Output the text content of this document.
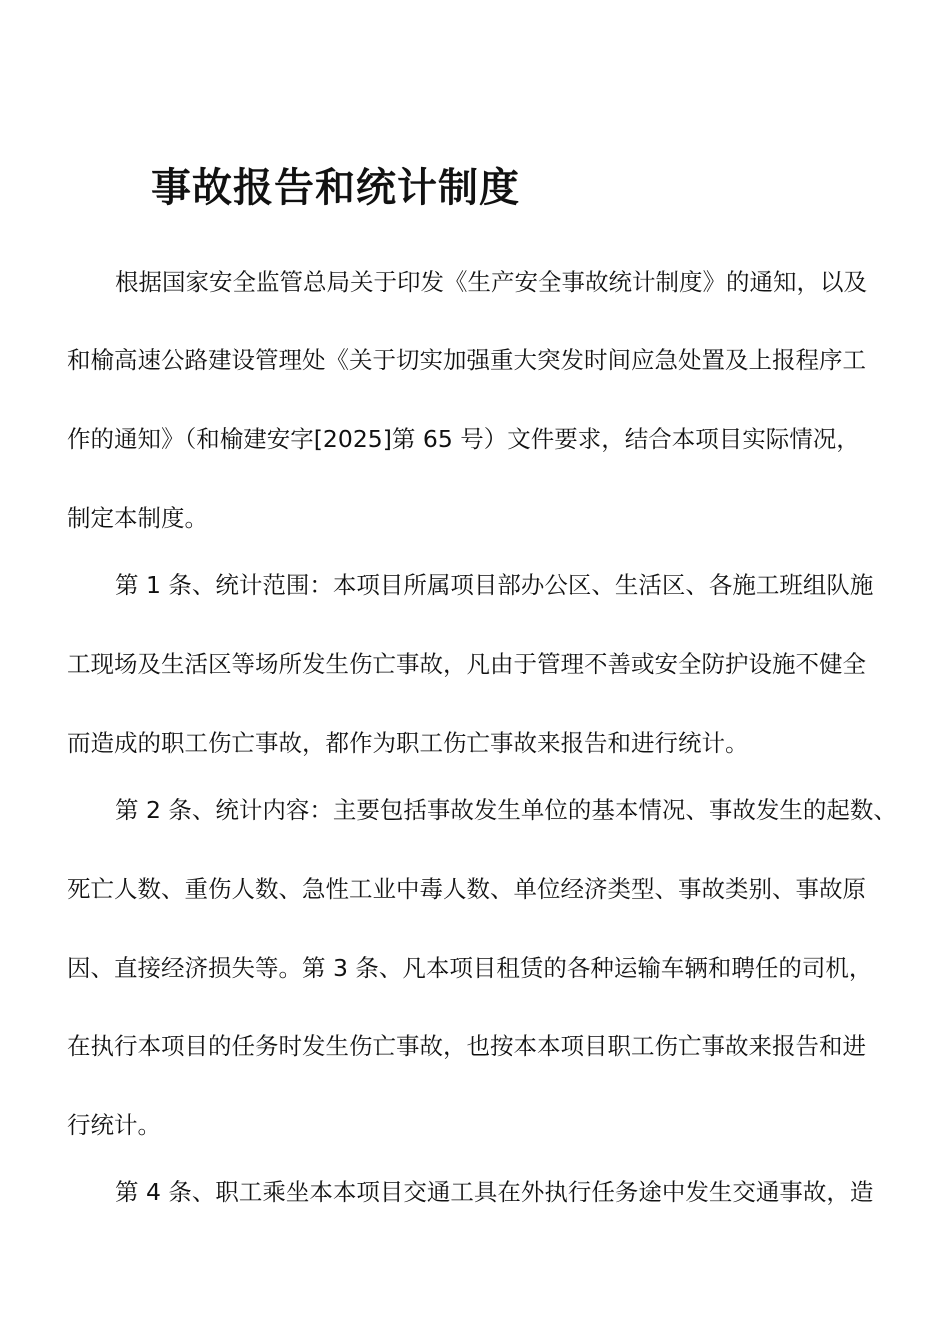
事故报告和统计制度

根据国家安全监管总局关于印发《生产安全事故统计制度》的通知，以及

和榆高速公路建设管理处《关于切实加强重大突发时间应急处置及上报程序工

作的通知》（和榆建安字[2025]第 65 号）文件要求，结合本项目实际情况，

制定本制度。

第 1 条、统计范围：本项目所属项目部办公区、生活区、各施工班组队施

工现场及生活区等场所发生伤亡事故，凡由于管理不善或安全防护设施不健全

而造成的职工伤亡事故，都作为职工伤亡事故来报告和进行统计。

第 2 条、统计内容：主要包括事故发生单位的基本情况、事故发生的起数、

死亡人数、重伤人数、急性工业中毒人数、单位经济类型、事故类别、事故原

因、直接经济损失等。第 3 条、凡本项目租赁的各种运输车辆和聘任的司机，

在执行本项目的任务时发生伤亡事故，也按本本项目职工伤亡事故来报告和进

行统计。

第 4 条、职工乘坐本本项目交通工具在外执行任务途中发生交通事故，造
